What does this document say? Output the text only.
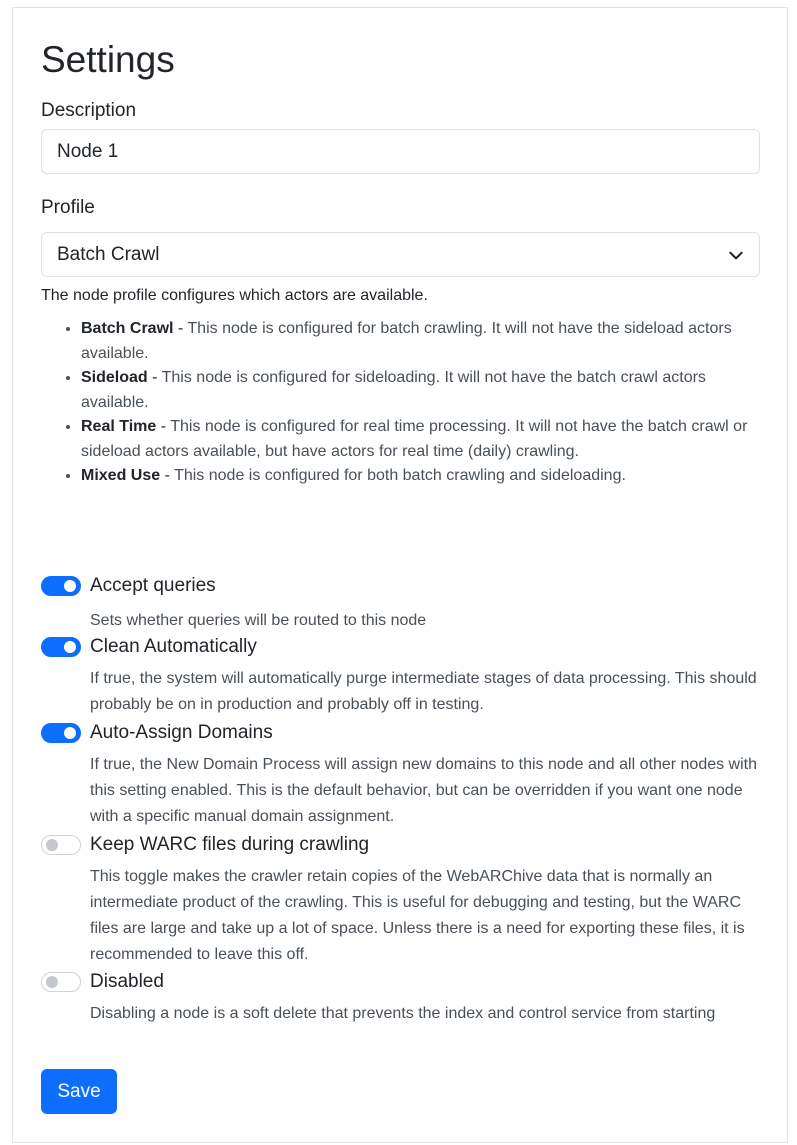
Settings
Description
Node 1
Profile
Batch Crawl
The node profile configures which actors are available.
• Batch Crawl - This node is configured for batch crawling. It will not have the sideload actors available.
• Sideload - This node is configured for sideloading. It will not have the batch crawl actors available.
• Real Time - This node is configured for real time processing. It will not have the batch crawl or sideload actors available, but have actors for real time (daily) crawling.
• Mixed Use - This node is configured for both batch crawling and sideloading.
Accept queries
Sets whether queries will be routed to this node
Clean Automatically
If true, the system will automatically purge intermediate stages of data processing. This should probably be on in production and probably off in testing.
Auto-Assign Domains
If true, the New Domain Process will assign new domains to this node and all other nodes with this setting enabled. This is the default behavior, but can be overridden if you want one node with a specific manual domain assignment.
Keep WARC files during crawling
This toggle makes the crawler retain copies of the WebARChive data that is normally an intermediate product of the crawling. This is useful for debugging and testing, but the WARC files are large and take up a lot of space. Unless there is a need for exporting these files, it is recommended to leave this off.
Disabled
Disabling a node is a soft delete that prevents the index and control service from starting
Save
